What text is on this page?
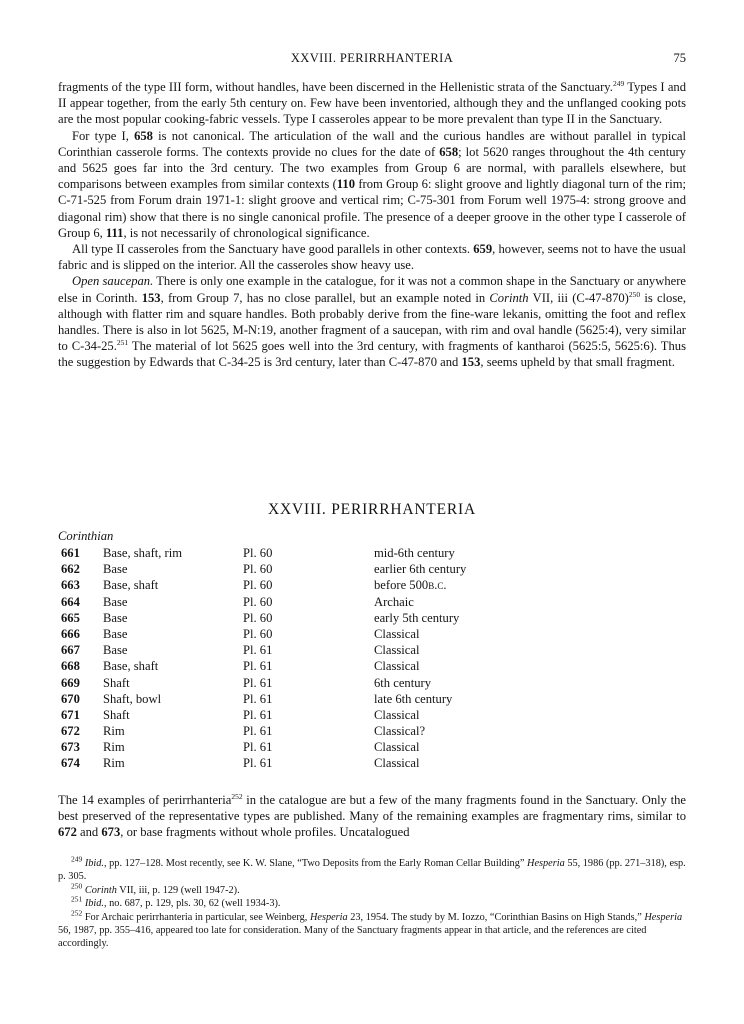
XXVIII. PERIRRHANTERIA	75

fragments of the type III form, without handles, have been discerned in the Hellenistic strata of the Sanctuary.$^{249}$ Types I and II appear together, from the early 5th century on. Few have been inventoried, although they and the unflanged cooking pots are the most popular cooking-fabric vessels. Type I casseroles appear to be more prevalent than type II in the Sanctuary.

For type I, 658 is not canonical. The articulation of the wall and the curious handles are without parallel in typical Corinthian casserole forms. The contexts provide no clues for the date of 658; lot 5620 ranges throughout the 4th century and 5625 goes far into the 3rd century. The two examples from Group 6 are normal, with parallels elsewhere, but comparisons between examples from similar contexts (110 from Group 6: slight groove and lightly diagonal turn of the rim; C-71-525 from Forum drain 1971-1: slight groove and vertical rim; C-75-301 from Forum well 1975-4: strong groove and diagonal rim) show that there is no single canonical profile. The presence of a deeper groove in the other type I casserole of Group 6, 111, is not necessarily of chronological significance.

All type II casseroles from the Sanctuary have good parallels in other contexts. 659, however, seems not to have the usual fabric and is slipped on the interior. All the casseroles show heavy use.

Open saucepan. There is only one example in the catalogue, for it was not a common shape in the Sanctuary or anywhere else in Corinth. 153, from Group 7, has no close parallel, but an example noted in Corinth VII, iii $(C-47-870)^{250}$ is close, although with flatter rim and square handles. Both probably derive from the fine-ware lekanis, omitting the foot and reflex handles. There is also in lot 5625, M-N:19, another fragment of a saucepan, with rim and oval handle (5625:4), very similar to C-34-25.$^{251}$ The material of lot 5625 goes well into the 3rd century, with fragments of kantharoi (5625:5, 5625:6). Thus the suggestion by Edwards that C-34-25 is 3rd century, later than C-47-870 and 153, seems upheld by that small fragment.

XXVIII. PERIRRHANTERIA
Corinthian
661 Base, shaft, rim	Pl. 60	mid-6th century
662 Base	Pl. 60	earlier 6th century
663 Base, shaft	Pl. 60	before 500 b.c.
664 Base	Pl. 60	Archaic
665 Base	Pl. 60	early 5th century
666 Base	Pl. 60	Classical
667 Base	Pl. 61	Classical
668 Base, shaft	Pl. 61	Classical
669 Shaft	Pl. 61	6th century
670 Shaft, bowl	Pl. 61	late 6th century
671 Shaft	Pl. 61	Classical
672 Rim	Pl. 61	Classical?
673 Rim	Pl. 61	Classical
674 Rim	Pl. 61	Classical

The 14 examples of perirrhanteria$^{252}$ in the catalogue are but a few of the many fragments found in the Sanctuary. Only the best preserved of the representative types are published. Many of the remaining examples are fragmentary rims, similar to 672 and 673, or base fragments without whole profiles. Uncatalogued

$^{249}$ Ibid., pp. 127–128. Most recently, see K. W. Slane, “Two Deposits from the Early Roman Cellar Building” Hesperia 55, 1986 (pp. 271–318), esp. p. 305.

$^{250}$ Corinth VII, iii, p. 129 (well 1947-2).

$^{251}$ Ibid., no. 687, p. 129, pls. 30, 62 (well 1934-3).

$^{252}$ For Archaic perirrhanteria in particular, see Weinberg, Hesperia 23, 1954. The study by M. Iozzo, “Corinthian Basins on High Stands,” Hesperia 56, 1987, pp. 355–416, appeared too late for consideration. Many of the Sanctuary fragments appear in that article, and the references are cited accordingly.
